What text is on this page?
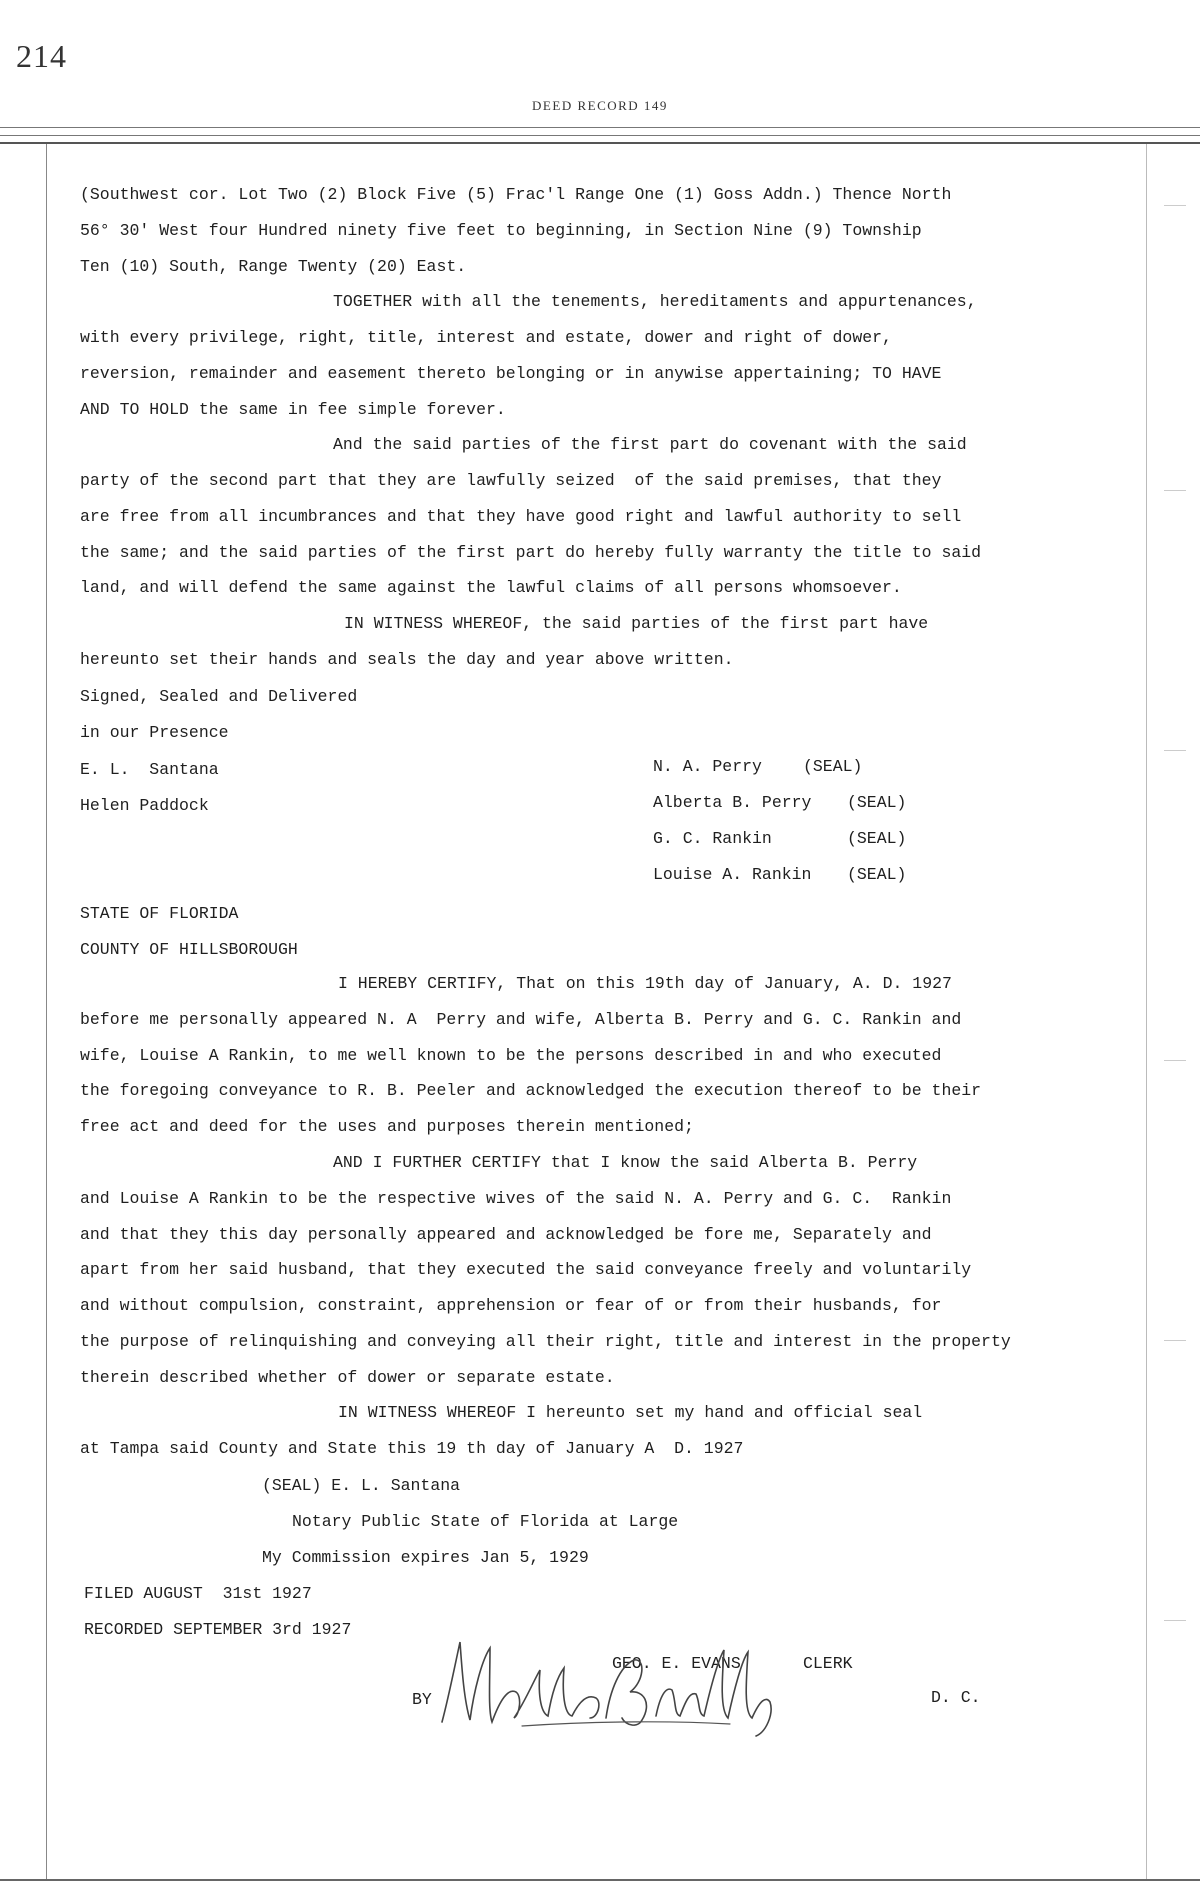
214
DEED RECORD 149
(Southwest cor. Lot Two (2) Block Five (5) Frac'l Range One (1) Goss Addn.) Thence North
56° 30' West four Hundred ninety five feet to beginning, in Section Nine (9) Township
Ten (10) South, Range Twenty (20) East.
TOGETHER with all the tenements, hereditaments and appurtenances,
with every privilege, right, title, interest and estate, dower and right of dower,
reversion, remainder and easement thereto belonging or in anywise appertaining; TO HAVE
AND TO HOLD the same in fee simple forever.
And the said parties of the first part do covenant with the said
party of the second part that they are lawfully seized  of the said premises, that they
are free from all incumbrances and that they have good right and lawful authority to sell
the same; and the said parties of the first part do hereby fully warranty the title to said
land, and will defend the same against the lawful claims of all persons whomsoever.
IN WITNESS WHEREOF, the said parties of the first part have
hereunto set their hands and seals the day and year above written.
Signed, Sealed and Delivered
in our Presence
E. L.  Santana
Helen Paddock
N. A. Perry (SEAL)
Alberta B. Perry (SEAL)
G. C. Rankin	(SEAL)
Louise A. Rankin (SEAL)
STATE OF FLORIDA
COUNTY OF HILLSBOROUGH
I HEREBY CERTIFY, That on this 19th day of January, A. D. 1927
before me personally appeared N. A  Perry and wife, Alberta B. Perry and G. C. Rankin and
wife, Louise A Rankin, to me well known to be the persons described in and who executed
the foregoing conveyance to R. B. Peeler and acknowledged the execution thereof to be their
free act and deed for the uses and purposes therein mentioned;
AND I FURTHER CERTIFY that I know the said Alberta B. Perry
and Louise A Rankin to be the respective wives of the said N. A. Perry and G. C.  Rankin
and that they this day personally appeared and acknowledged be fore me, Separately and
apart from her said husband, that they executed the said conveyance freely and voluntarily
and without compulsion, constraint, apprehension or fear of or from their husbands, for
the purpose of relinquishing and conveying all their right, title and interest in the property
therein described whether of dower or separate estate.
IN WITNESS WHEREOF I hereunto set my hand and official seal
at Tampa said County and State this 19 th day of January A  D. 1927
(SEAL) E. L. Santana
Notary Public State of Florida at Large
My Commission expires Jan 5, 1929
FILED AUGUST  31st 1927
RECORDED SEPTEMBER 3rd 1927
GEO. E. EVANS	CLERK
BY	D. C.
